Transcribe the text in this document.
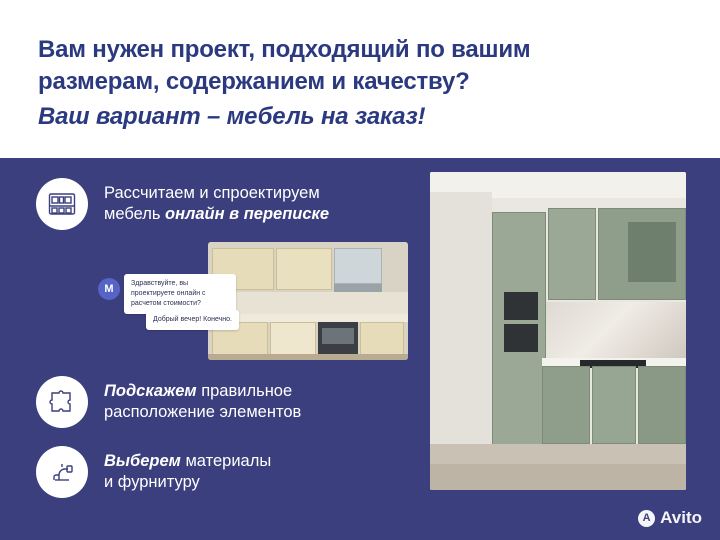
Вам нужен проект, подходящий по вашим
размерам, содержанием и качеству?
Ваш вариант – мебель на заказ!
Рассчитаем и спроектируем
мебель онлайн в переписке
М	Здравствуйте, вы проектируете онлайн с расчетом стоимости?
Добрый вечер! Конечно.
Подскажем правильное
расположение элементов
Выберем материалы
и фурнитуру
A Avito
